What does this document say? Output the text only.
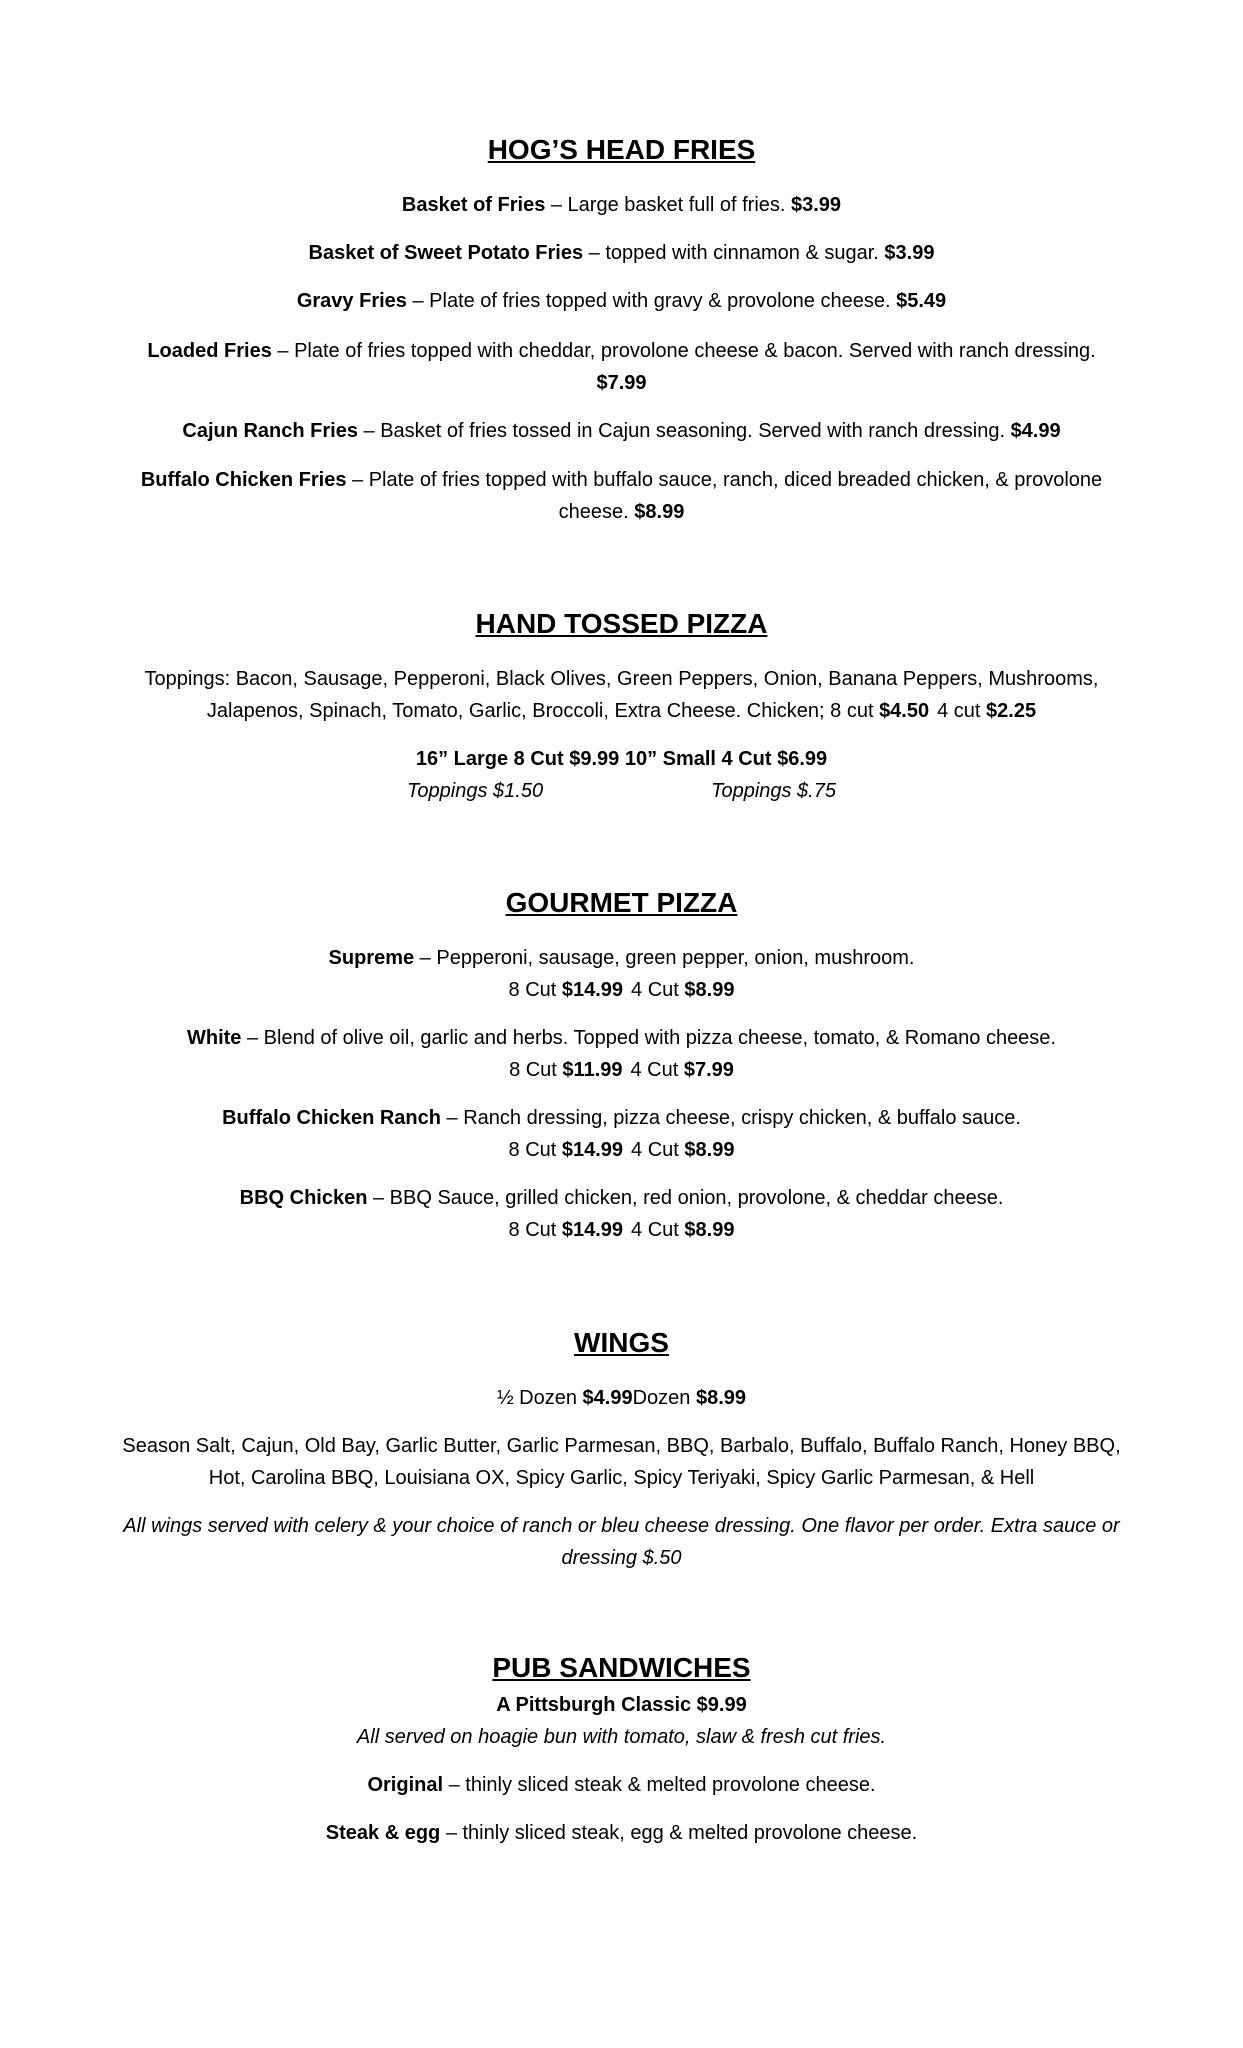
HOG’S HEAD FRIES

Basket of Fries – Large basket full of fries. $3.99

Basket of Sweet Potato Fries – topped with cinnamon & sugar. $3.99

Gravy Fries – Plate of fries topped with gravy & provolone cheese. $5.49

Loaded Fries – Plate of fries topped with cheddar, provolone cheese & bacon. Served with ranch dressing.

$7.99

Cajun Ranch Fries – Basket of fries tossed in Cajun seasoning. Served with ranch dressing. $4.99

Buffalo Chicken Fries – Plate of fries topped with buffalo sauce, ranch, diced breaded chicken, & provolone

cheese. $8.99

HAND TOSSED PIZZA

Toppings: Bacon, Sausage, Pepperoni, Black Olives, Green Peppers, Onion, Banana Peppers, Mushrooms,

Jalapenos, Spinach, Tomato, Garlic, Broccoli, Extra Cheese. Chicken; 8 cut $4.50 4 cut $2.25

16” Large 8 Cut $9.99 10” Small 4 Cut $6.99

Toppings $1.50	Toppings $.75

GOURMET PIZZA

Supreme – Pepperoni, sausage, green pepper, onion, mushroom.

8 Cut $14.99 4 Cut $8.99

White – Blend of olive oil, garlic and herbs. Topped with pizza cheese, tomato, & Romano cheese.

8 Cut $11.99 4 Cut $7.99

Buffalo Chicken Ranch – Ranch dressing, pizza cheese, crispy chicken, & buffalo sauce.

8 Cut $14.99 4 Cut $8.99

BBQ Chicken – BBQ Sauce, grilled chicken, red onion, provolone, & cheddar cheese.

8 Cut $14.99 4 Cut $8.99

WINGS

½ Dozen $4.99Dozen $8.99

Season Salt, Cajun, Old Bay, Garlic Butter, Garlic Parmesan, BBQ, Barbalo, Buffalo, Buffalo Ranch, Honey BBQ,

Hot, Carolina BBQ, Louisiana OX, Spicy Garlic, Spicy Teriyaki, Spicy Garlic Parmesan, & Hell

All wings served with celery & your choice of ranch or bleu cheese dressing. One flavor per order. Extra sauce or

dressing $.50

PUB SANDWICHES

A Pittsburgh Classic $9.99

All served on hoagie bun with tomato, slaw & fresh cut fries.

Original – thinly sliced steak & melted provolone cheese.

Steak & egg – thinly sliced steak, egg & melted provolone cheese.
